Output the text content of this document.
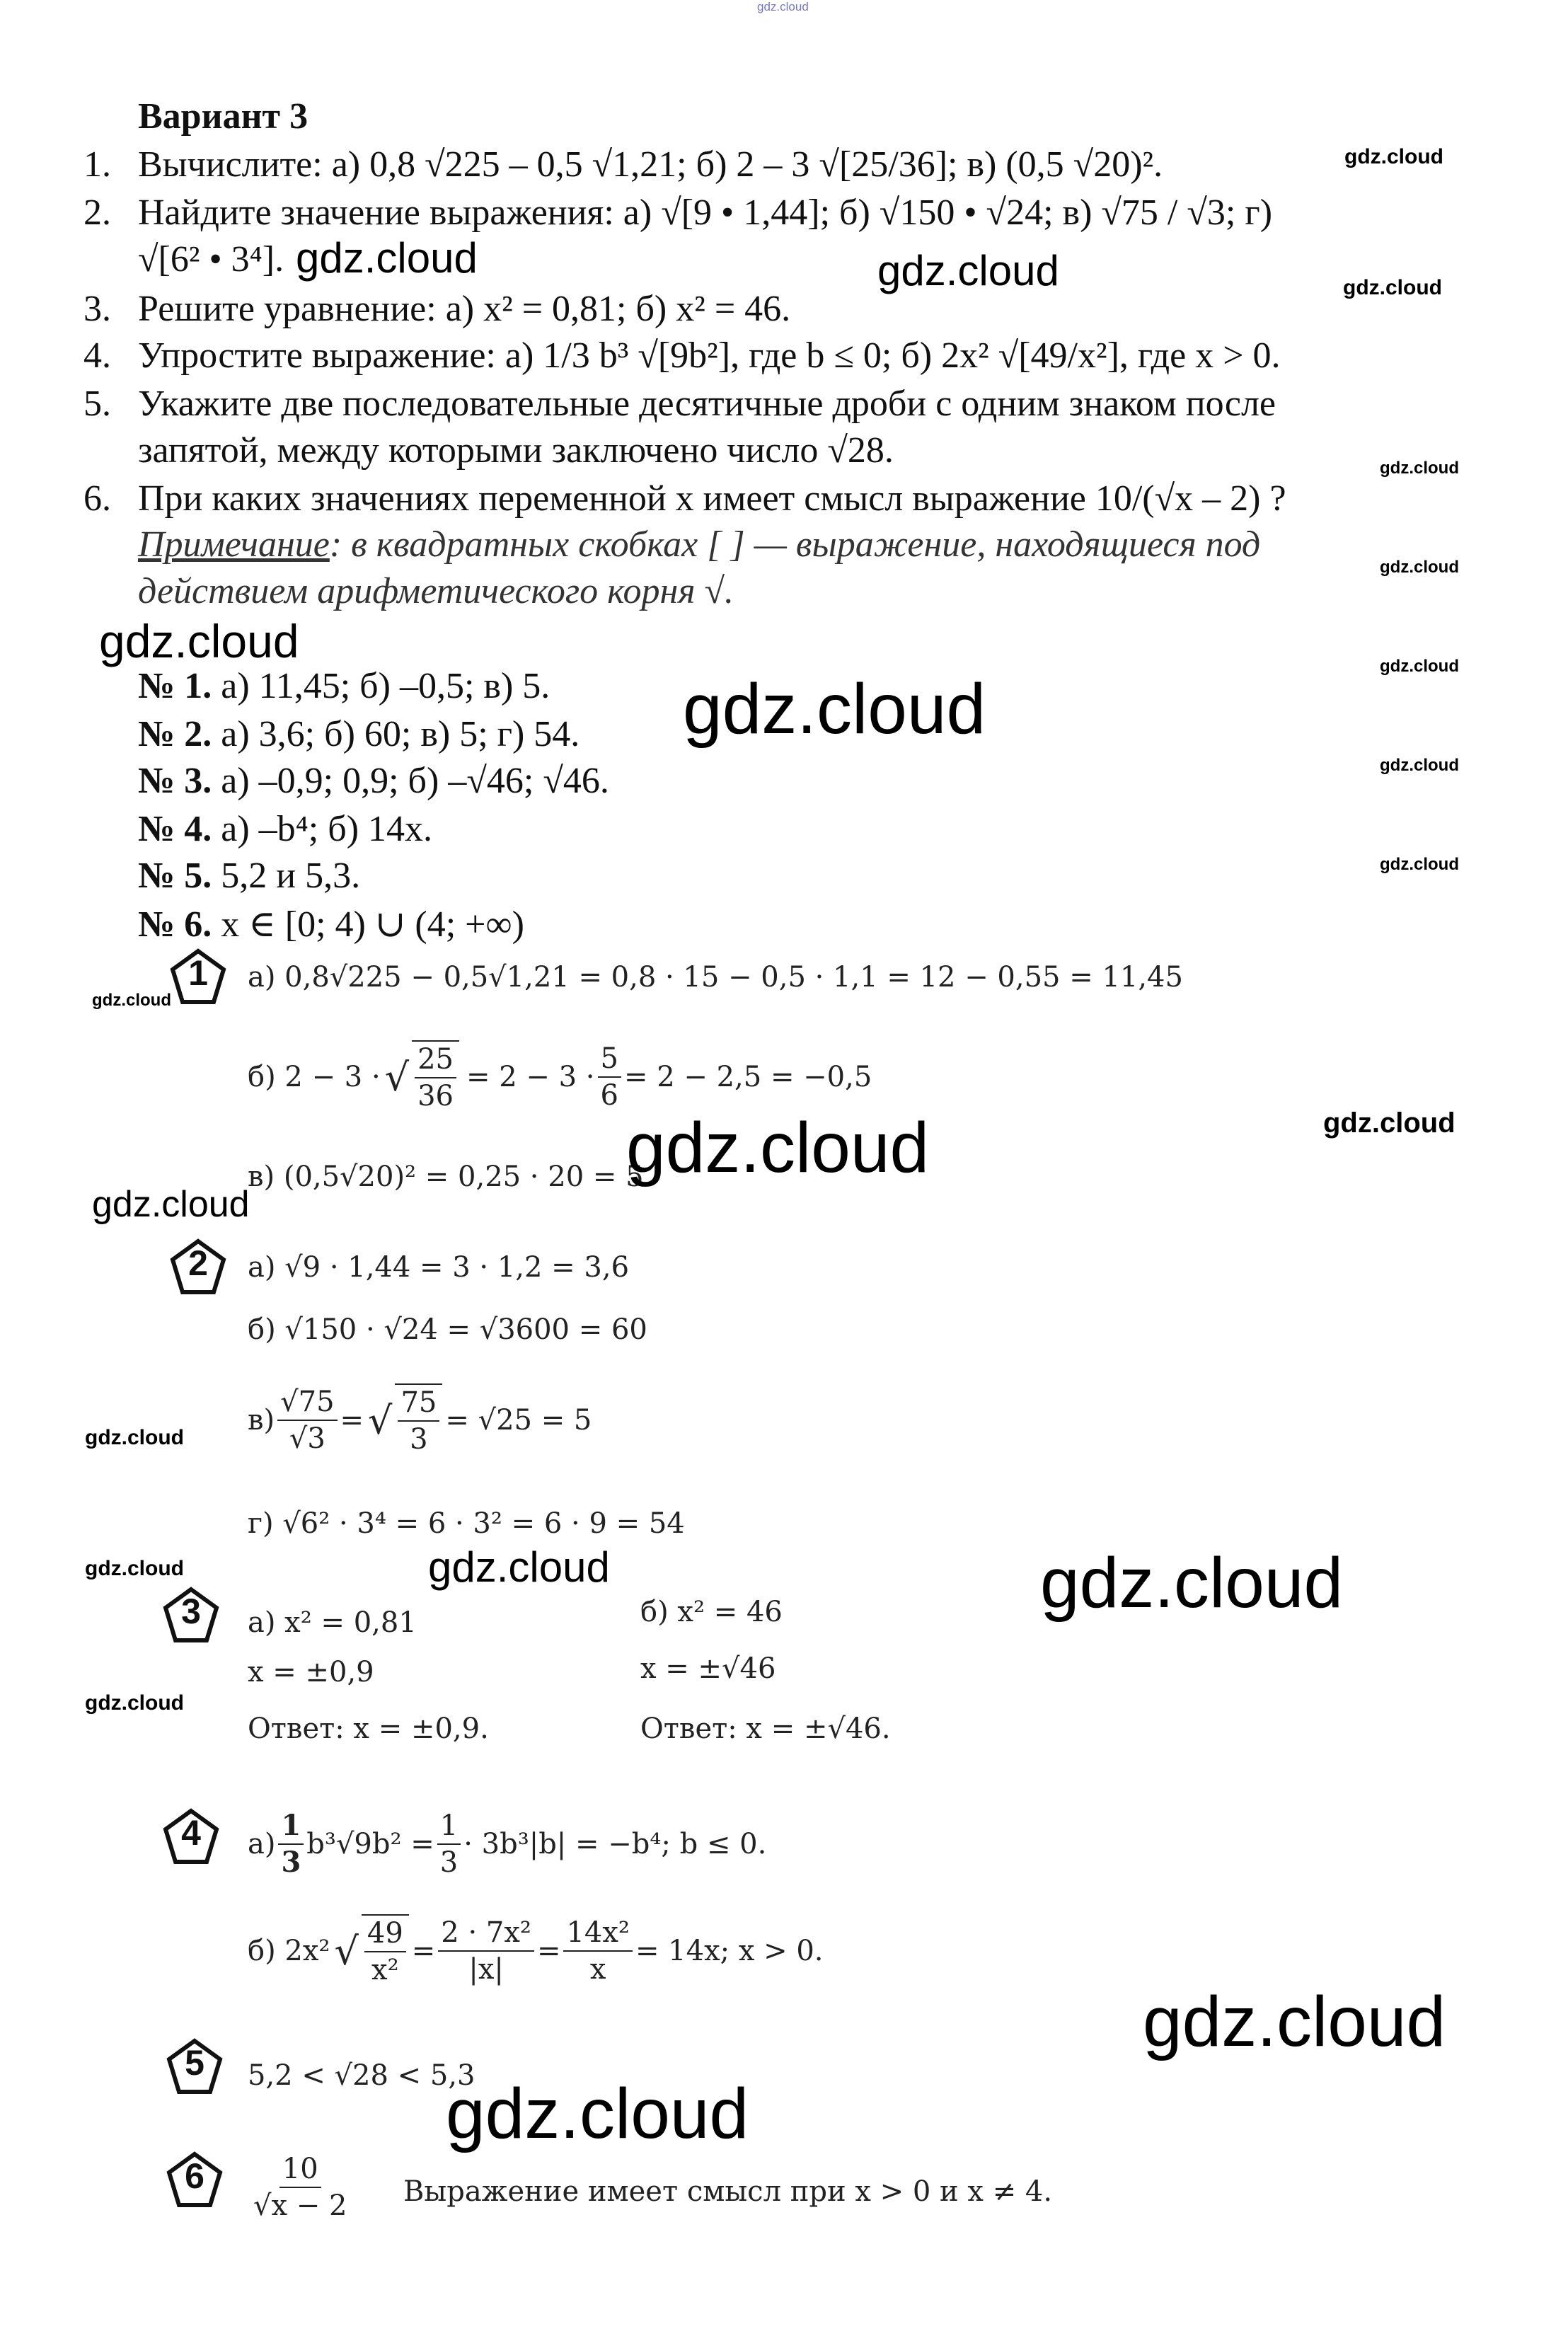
gdz.cloud
Вариант 3
1. Вычислите: а) 0,8 √225 – 0,5 √1,21; б) 2 – 3 √[25/36]; в) (0,5 √20)².
2. Найдите значение выражения: а) √[9 • 1,44]; б) √150 • √24; в) √75 / √3; г)
√[6² • 3⁴].
3. Решите уравнение: а) x² = 0,81; б) x² = 46.
4. Упростите выражение: а) 1/3 b³ √[9b²], где b ≤ 0; б) 2x² √[49/x²], где x > 0.
5. Укажите две последовательные десятичные дроби с одним знаком после
запятой, между которыми заключено число √28.
6. При каких значениях переменной x имеет смысл выражение 10/(√x – 2) ?
Примечание: в квадратных скобках [ ] — выражение, находящиеся под
действием арифметического корня √.
№ 1. а) 11,45; б) –0,5; в) 5.
№ 2. а) 3,6; б) 60; в) 5; г) 54.
№ 3. а) –0,9; 0,9; б) –√46; √46.
№ 4. а) –b⁴; б) 14x.
№ 5. 5,2 и 5,3.
№ 6. x ∈ [0; 4) ∪ (4; +∞)
1
2
3
4
5
6
а) 0,8√225 − 0,5√1,21 = 0,8 · 15 − 0,5 · 1,1 = 12 − 0,55 = 11,45
б) 2 − 3 · √ $\frac{25}{36} = 2 - 3 \cdot \frac{5}{6} = 2 - 2,5 = -0,5$
в) (0,5√20)² = 0,25 · 20 = 5
а) √9 · 1,44 = 3 · 1,2 = 3,6
б) √150 · √24 = √3600 = 60
$в) \frac{√75}{√3}$ = √ $\frac{75}{3} = √25 = 5$
г) √6² · 3⁴ = 6 · 3² = 6 · 9 = 54
а) x² = 0,81
x = ±0,9
Ответ: x = ±0,9.
б) x² = 46
x = ±√46
Ответ: x = ±√46.
$а) \frac{1}{3} b^3√9b^2 = \frac{1}{3} \cdot 3b^3|b| = -b^4$; b ≤ 0.
б) 2x² √ $\frac{49}{\text{x²}} = \frac{\text{2 · 7x²}}{|x|} = \frac{\text{14x²}}{x} = 14x$; x > 0.
5,2 < √28 < 5,3
$\frac{10}{√x - 2}$ Выражение имеет смысл при x > 0 и x ≠ 4.
gdz.cloud
gdz.cloud	gdz.cloud	gdz.cloud
gdz.cloud
gdz.cloud
gdz.cloud	gdz.cloud
gdz.cloud
gdz.cloud
gdz.cloud
gdz.cloud
gdz.cloud	gdz.cloud
gdz.cloud
gdz.cloud
gdz.cloud	gdz.cloud	gdz.cloud
gdz.cloud
gdz.cloud
gdz.cloud
